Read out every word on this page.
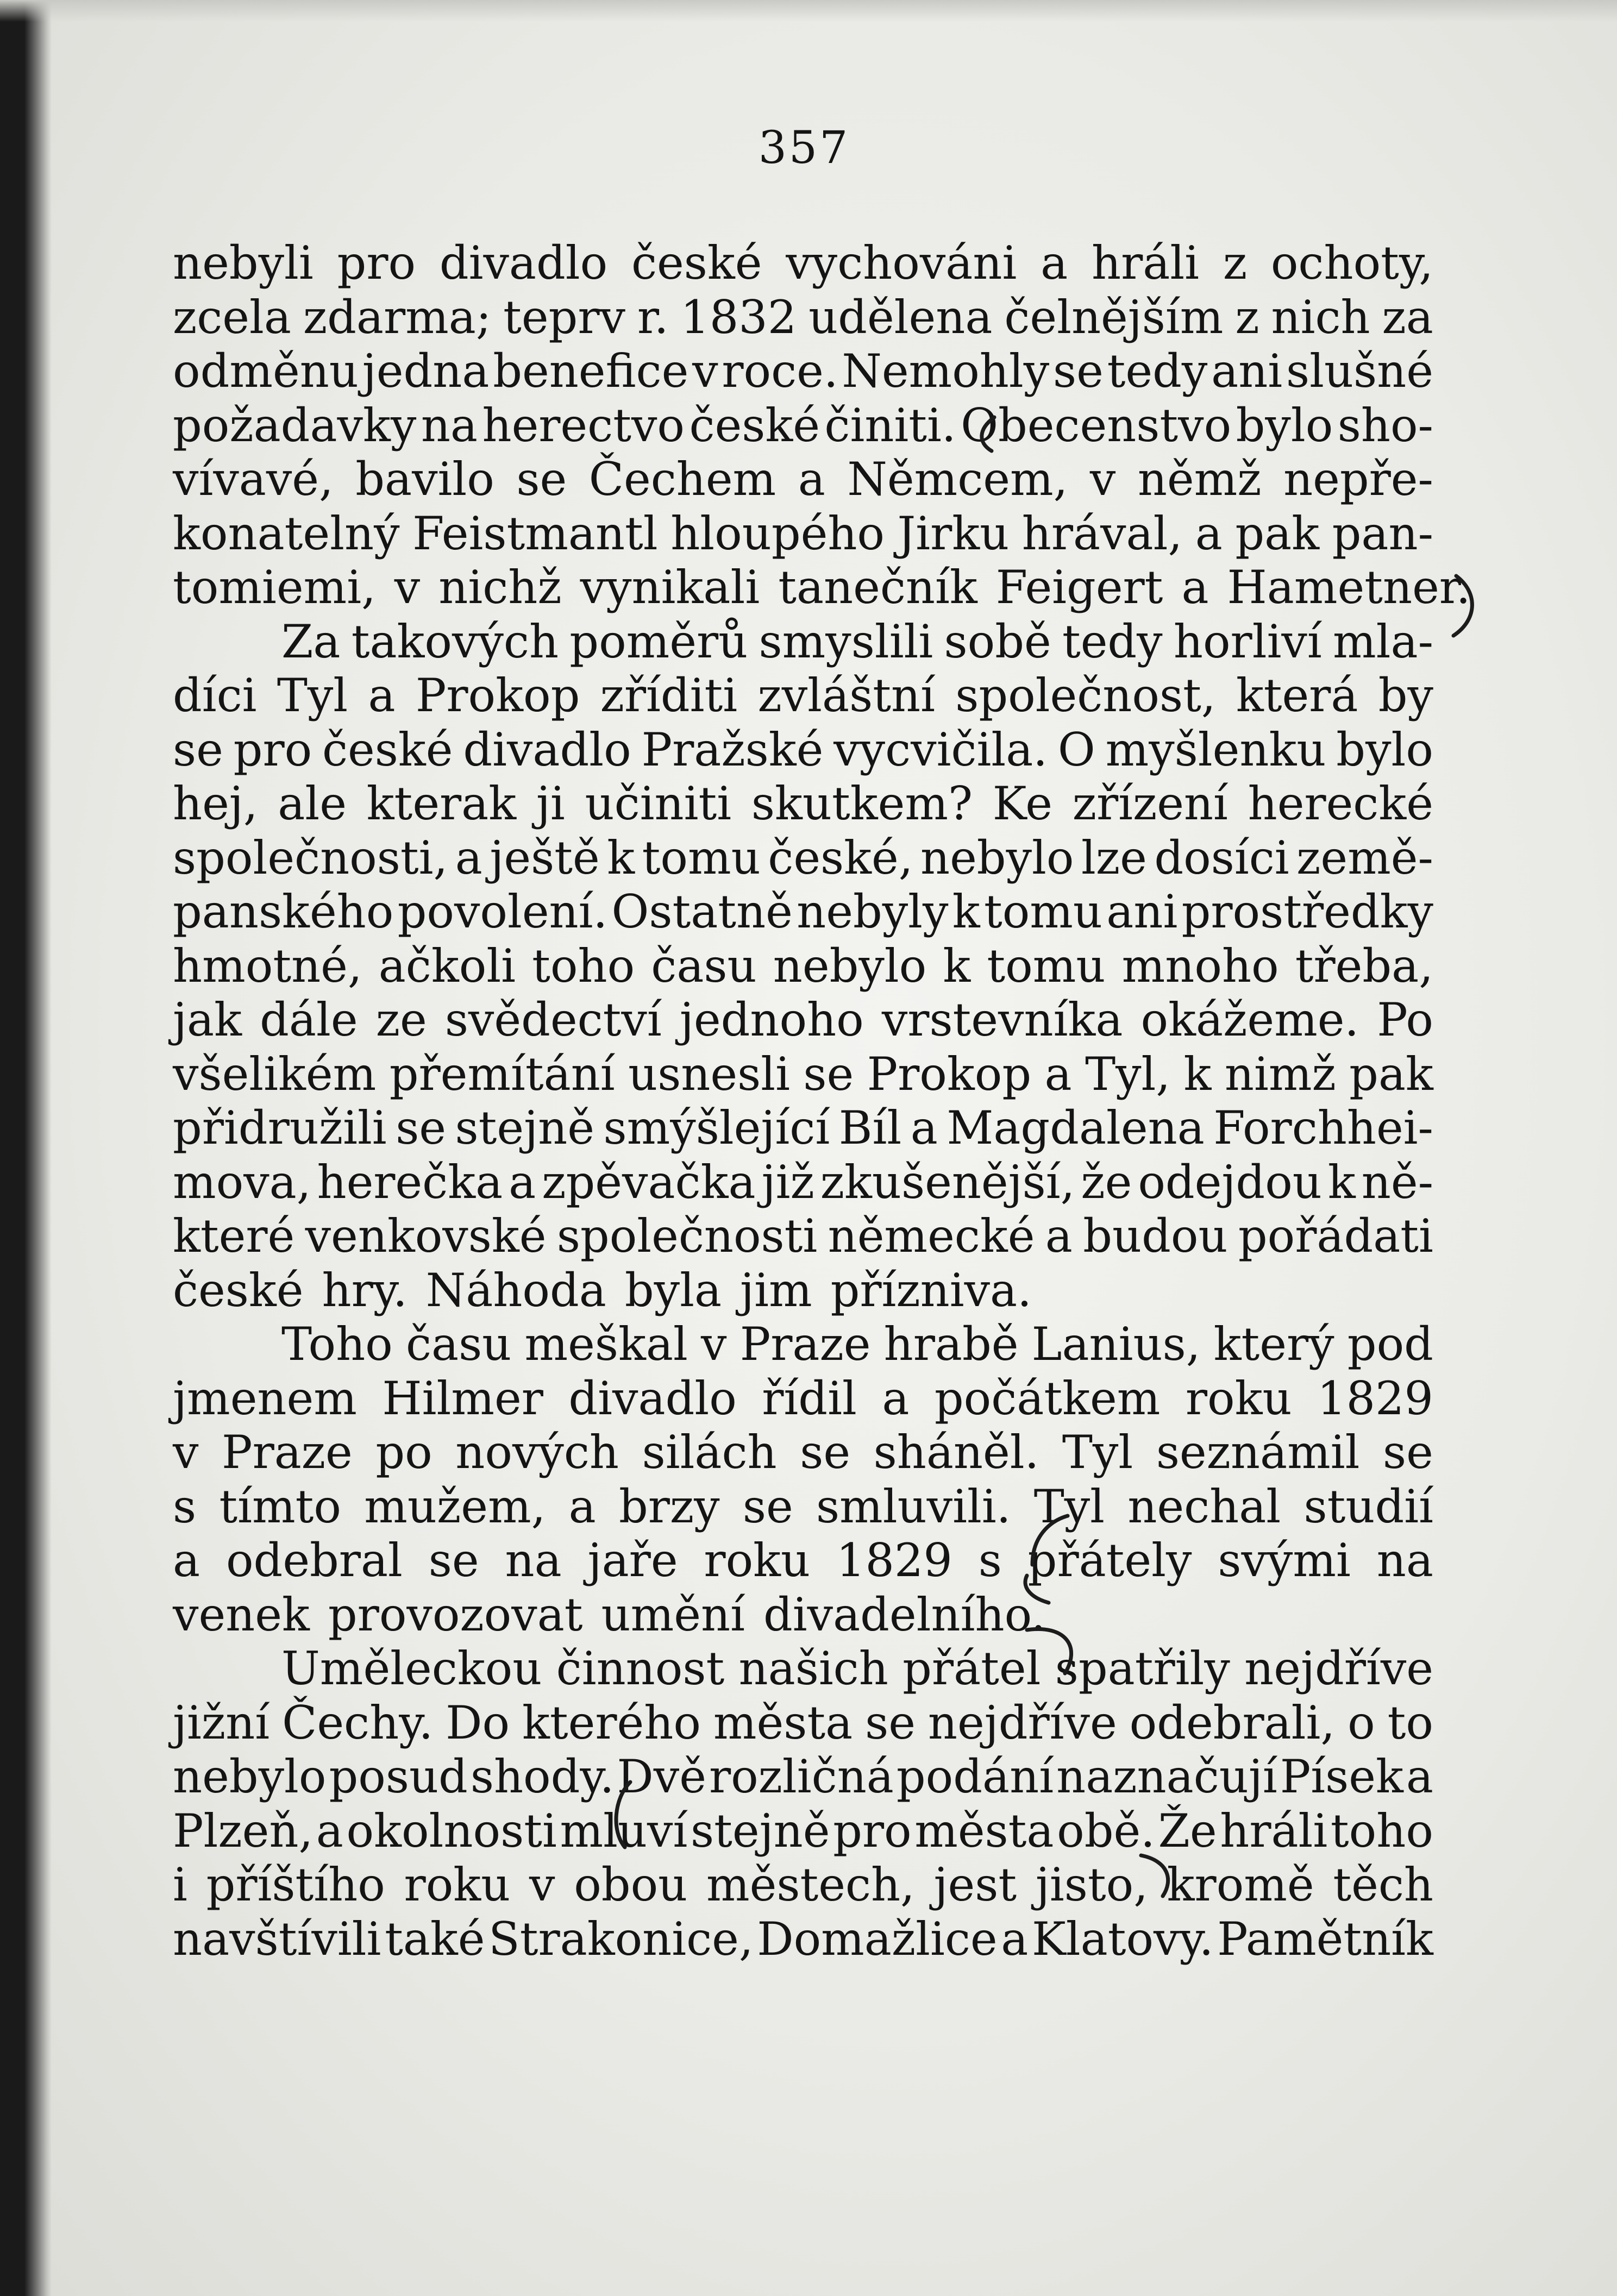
357
nebyli pro divadlo české vychováni a hráli z ochoty,
zcela zdarma; teprv r. 1832 udělena čelnějším z nich za
odměnu jedna benefice v roce. Nemohly se tedy ani slušné
požadavky na herectvo české činiti. Obecenstvo bylo sho-
vívavé, bavilo se Čechem a Němcem, v němž nepře-
konatelný Feistmantl hloupého Jirku hrával, a pak pan-
tomiemi, v nichž vynikali tanečník Feigert a Hametner.
Za takových poměrů smyslili sobě tedy horliví mla-
díci Tyl a Prokop zříditi zvláštní společnost, která by
se pro české divadlo Pražské vycvičila. O myšlenku bylo
hej, ale kterak ji učiniti skutkem? Ke zřízení herecké
společnosti, a ještě k tomu české, nebylo lze dosíci země-
panského povolení. Ostatně nebyly k tomu ani prostředky
hmotné, ačkoli toho času nebylo k tomu mnoho třeba,
jak dále ze svědectví jednoho vrstevníka okážeme. Po
všelikém přemítání usnesli se Prokop a Tyl, k nimž pak
přidružili se stejně smýšlející Bíl a Magdalena Forchhei-
mova, herečka a zpěvačka již zkušenější, že odejdou k ně-
které venkovské společnosti německé a budou pořádati
české hry. Náhoda byla jim přízniva.
Toho času meškal v Praze hrabě Lanius, který pod
jmenem Hilmer divadlo řídil a počátkem roku 1829
v Praze po nových silách se sháněl. Tyl seznámil se
s tímto mužem, a brzy se smluvili. Tyl nechal studií
a odebral se na jaře roku 1829 s přátely svými na
venek provozovat umění divadelního.
Uměleckou činnost našich přátel spatřily nejdříve
jižní Čechy. Do kterého města se nejdříve odebrali, o to
nebylo posud shody. Dvě rozličná podání naznačují Písek a
Plzeň, a okolnosti mluví stejně pro města obě. Že hráli toho
i příštího roku v obou městech, jest jisto, kromě těch
navštívili také Strakonice, Domažlice a Klatovy. Pamětník
